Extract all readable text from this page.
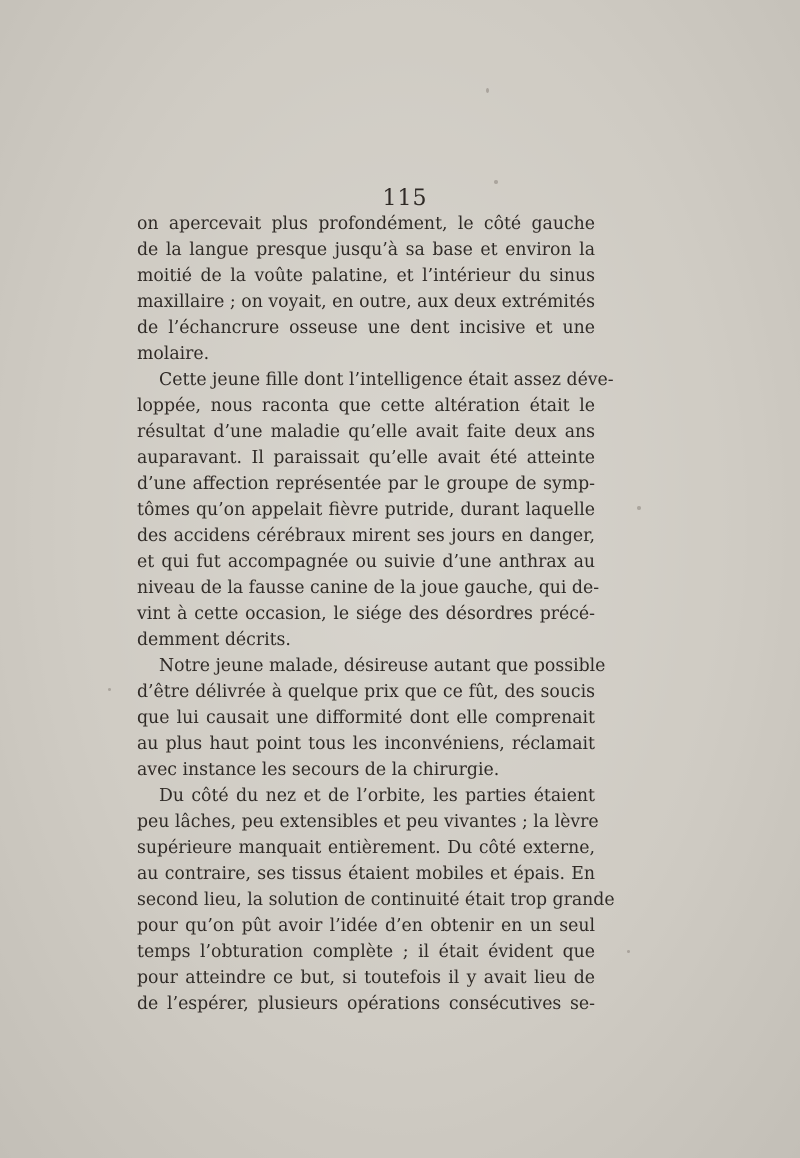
115
on apercevait plus profondément, le côté gauche
de la langue presque jusqu’à sa base et environ la
moitié de la voûte palatine, et l’intérieur du sinus
maxillaire ; on voyait, en outre, aux deux extrémités
de l’échancrure osseuse une dent incisive et une
molaire.
Cette jeune fille dont l’intelligence était assez déve-
loppée, nous raconta que cette altération était le
résultat d’une maladie qu’elle avait faite deux ans
auparavant. Il paraissait qu’elle avait été atteinte
d’une affection représentée par le groupe de symp-
tômes qu’on appelait fièvre putride, durant laquelle
des accidens cérébraux mirent ses jours en danger,
et qui fut accompagnée ou suivie d’une anthrax au
niveau de la fausse canine de la joue gauche, qui de-
vint à cette occasion, le siége des désordres précé-
demment décrits.
Notre jeune malade, désireuse autant que possible
d’être délivrée à quelque prix que ce fût, des soucis
que lui causait une difformité dont elle comprenait
au plus haut point tous les inconvéniens, réclamait
avec instance les secours de la chirurgie.
Du côté du nez et de l’orbite, les parties étaient
peu lâches, peu extensibles et peu vivantes ; la lèvre
supérieure manquait entièrement. Du côté externe,
au contraire, ses tissus étaient mobiles et épais. En
second lieu, la solution de continuité était trop grande
pour qu’on pût avoir l’idée d’en obtenir en un seul
temps l’obturation complète ; il était évident que
pour atteindre ce but, si toutefois il y avait lieu de
de l’espérer, plusieurs opérations consécutives se-
